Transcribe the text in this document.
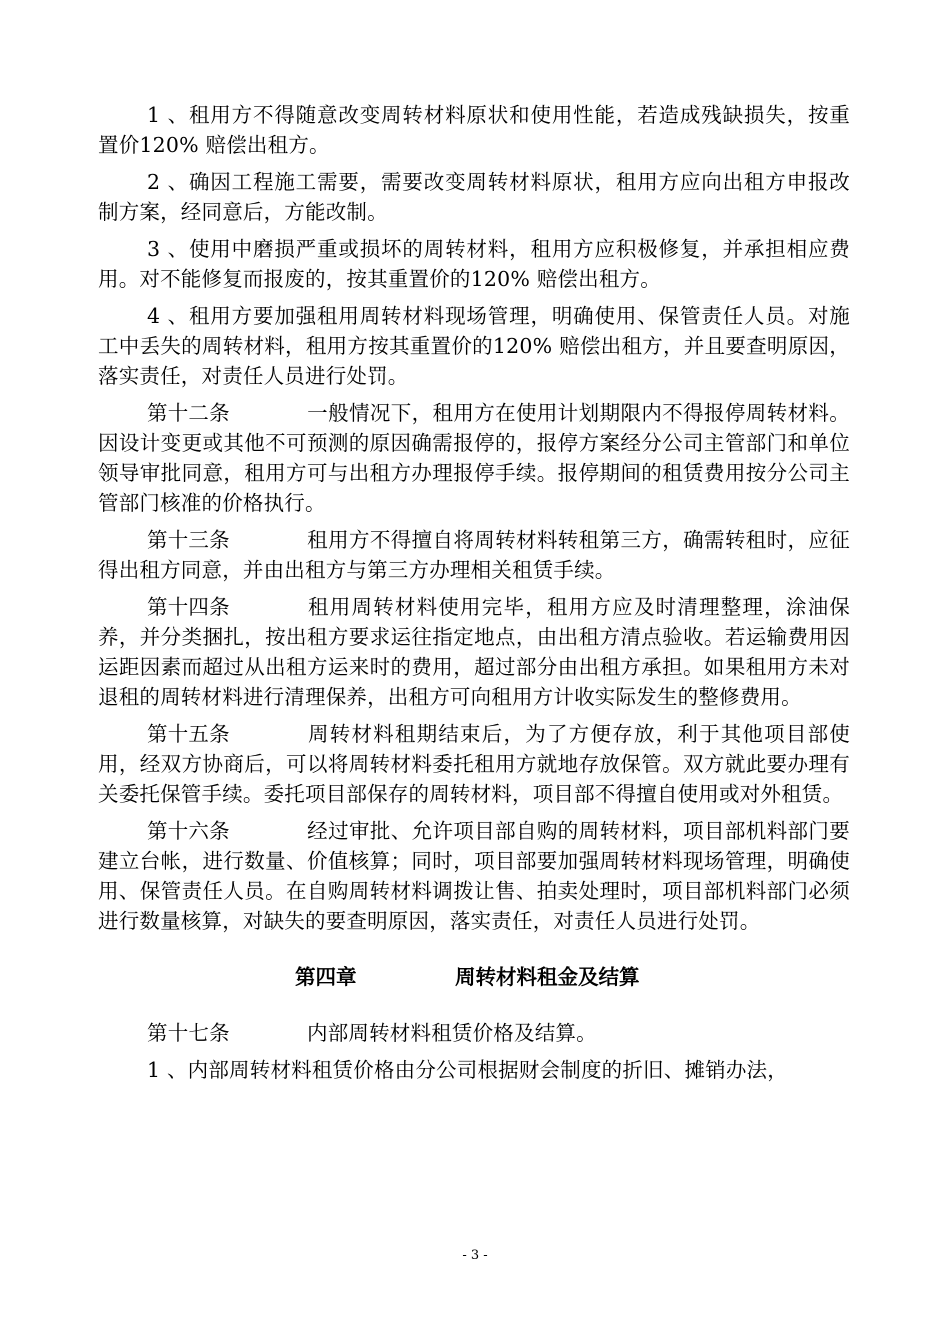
1 、租用方不得随意改变周转材料原状和使用性能，若造成残缺损失，按重置价120% 赔偿出租方。

2 、确因工程施工需要，需要改变周转材料原状，租用方应向出租方申报改制方案，经同意后，方能改制。

3 、使用中磨损严重或损坏的周转材料，租用方应积极修复，并承担相应费用。对不能修复而报废的，按其重置价的120% 赔偿出租方。

4 、租用方要加强租用周转材料现场管理，明确使用、保管责任人员。对施工中丢失的周转材料，租用方按其重置价的120% 赔偿出租方，并且要查明原因，落实责任，对责任人员进行处罚。

第十二条	一般情况下，租用方在使用计划期限内不得报停周转材料。因设计变更或其他不可预测的原因确需报停的，报停方案经分公司主管部门和单位领导审批同意，租用方可与出租方办理报停手续。报停期间的租赁费用按分公司主管部门核准的价格执行。

第十三条	租用方不得擅自将周转材料转租第三方，确需转租时，应征得出租方同意，并由出租方与第三方办理相关租赁手续。

第十四条	租用周转材料使用完毕，租用方应及时清理整理，涂油保养，并分类捆扎，按出租方要求运往指定地点，由出租方清点验收。若运输费用因运距因素而超过从出租方运来时的费用，超过部分由出租方承担。如果租用方未对退租的周转材料进行清理保养，出租方可向租用方计收实际发生的整修费用。

第十五条	周转材料租期结束后，为了方便存放，利于其他项目部使用，经双方协商后，可以将周转材料委托租用方就地存放保管。双方就此要办理有关委托保管手续。委托项目部保存的周转材料，项目部不得擅自使用或对外租赁。

第十六条	经过审批、允许项目部自购的周转材料，项目部机料部门要建立台帐，进行数量、价值核算；同时，项目部要加强周转材料现场管理，明确使用、保管责任人员。在自购周转材料调拨让售、拍卖处理时，项目部机料部门必须进行数量核算，对缺失的要查明原因，落实责任，对责任人员进行处罚。

第四章	周转材料租金及结算

第十七条	内部周转材料租赁价格及结算。

1 、内部周转材料租赁价格由分公司根据财会制度的折旧、摊销办法，

- 3 -
